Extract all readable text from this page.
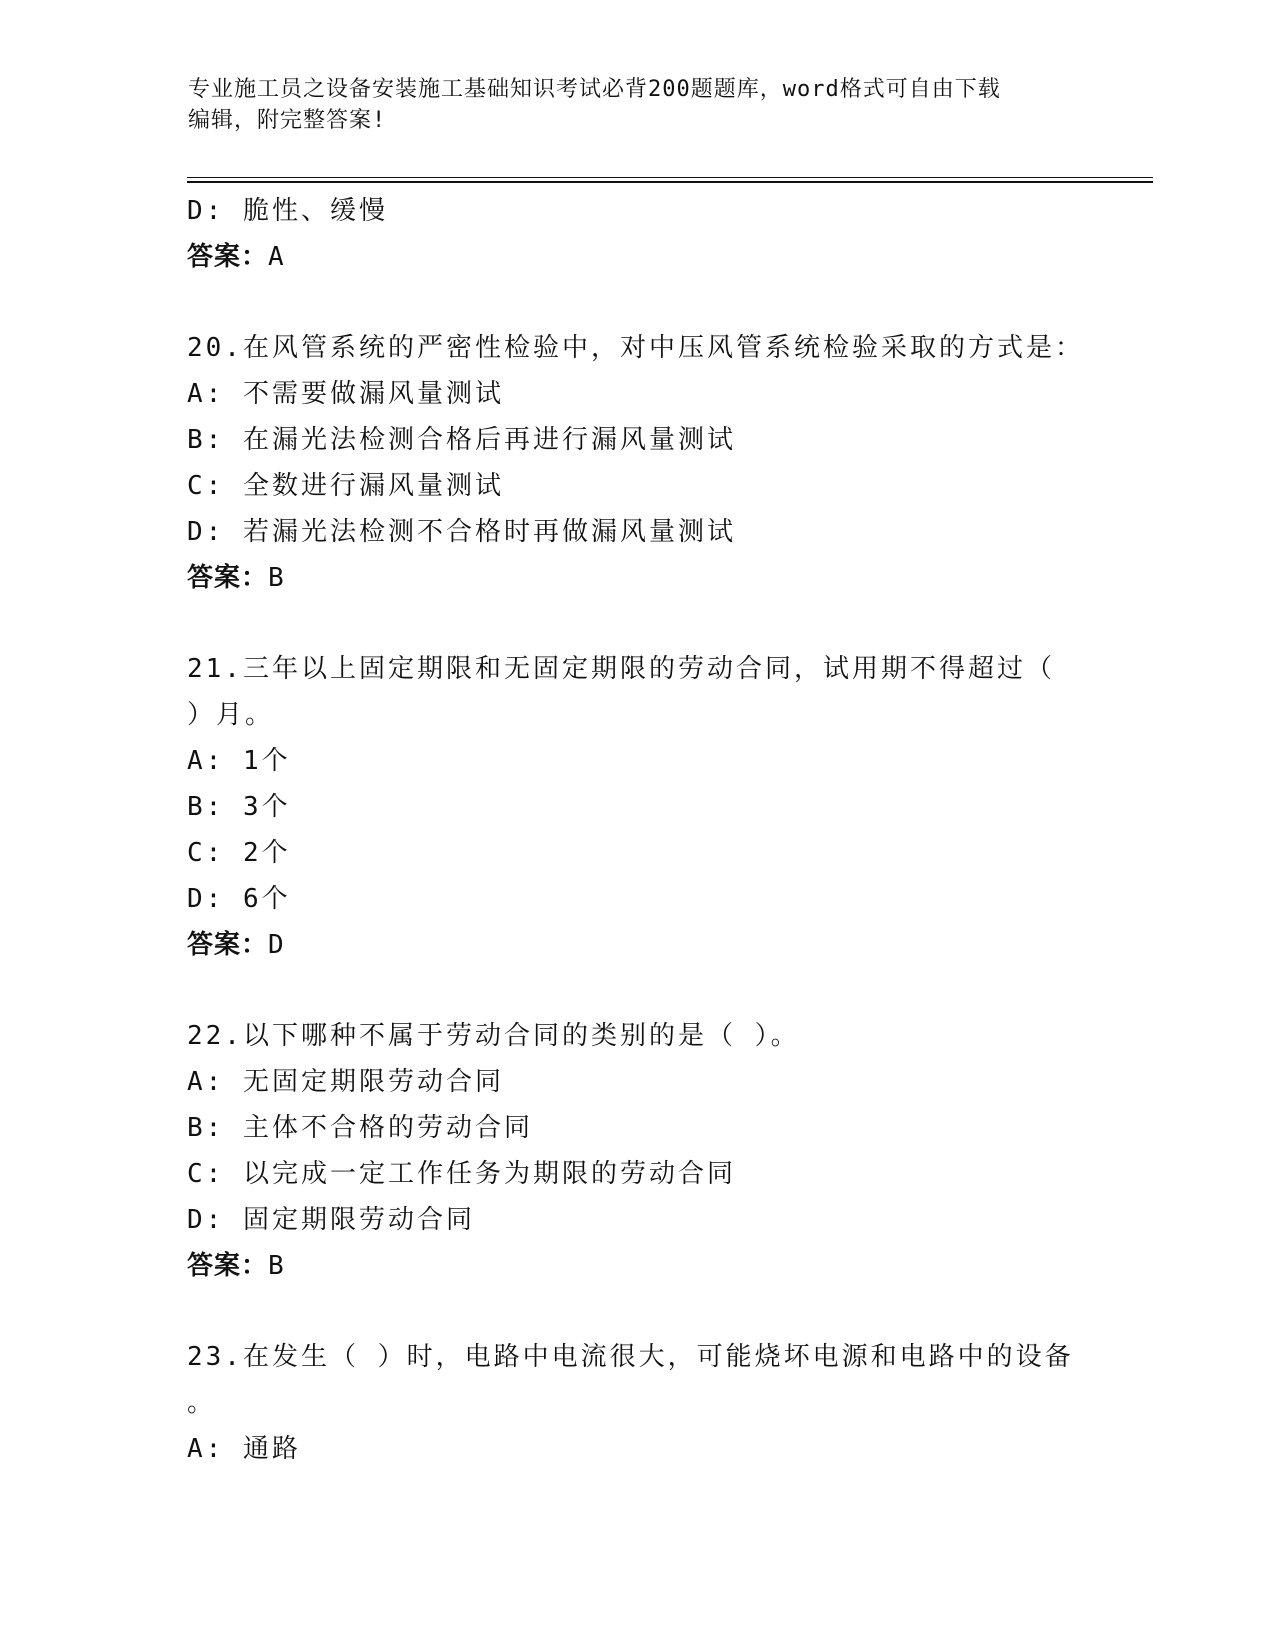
专业施工员之设备安装施工基础知识考试必背200题题库，word格式可自由下载
编辑，附完整答案!
D: 脆性、缓慢
答案：A
20.在风管系统的严密性检验中，对中压风管系统检验采取的方式是：
A: 不需要做漏风量测试
B: 在漏光法检测合格后再进行漏风量测试
C: 全数进行漏风量测试
D: 若漏光法检测不合格时再做漏风量测试
答案：B
21.三年以上固定期限和无固定期限的劳动合同，试用期不得超过（
）月。
A: 1个
B: 3个
C: 2个
D: 6个
答案：D
22.以下哪种不属于劳动合同的类别的是（ ）。
A: 无固定期限劳动合同
B: 主体不合格的劳动合同
C: 以完成一定工作任务为期限的劳动合同
D: 固定期限劳动合同
答案：B
23.在发生（ ）时，电路中电流很大，可能烧坏电源和电路中的设备
。
A: 通路
